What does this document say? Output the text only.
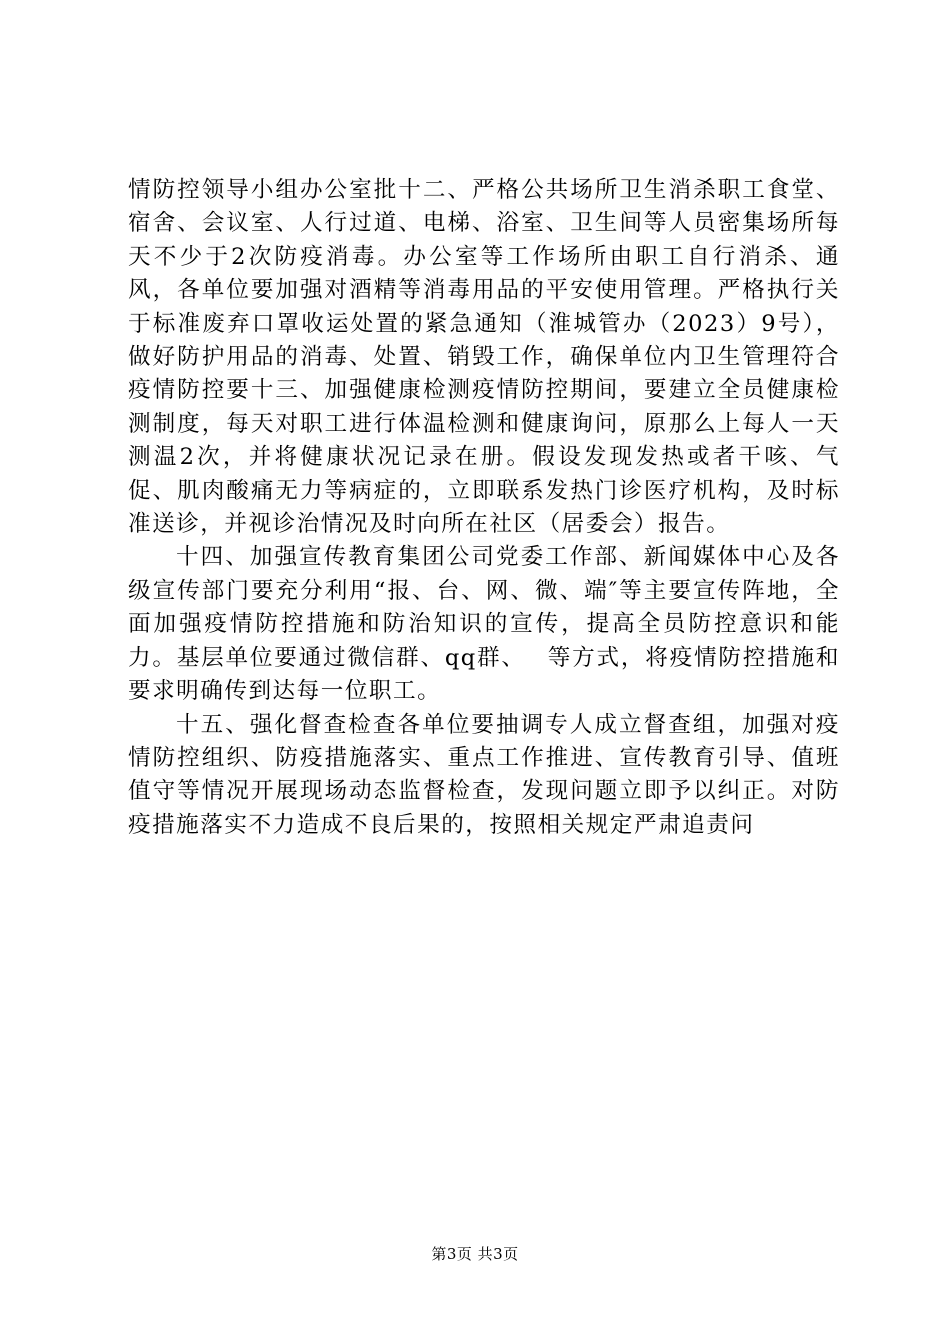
情防控领导小组办公室批十二、严格公共场所卫生消杀职工食堂、宿舍、会议室、人行过道、电梯、浴室、卫生间等人员密集场所每天不少于2次防疫消毒。办公室等工作场所由职工自行消杀、通风，各单位要加强对酒精等消毒用品的平安使用管理。严格执行关于标准废弃口罩收运处置的紧急通知（淮城管办（2023）9号），做好防护用品的消毒、处置、销毁工作，确保单位内卫生管理符合疫情防控要十三、加强健康检测疫情防控期间，要建立全员健康检测制度，每天对职工进行体温检测和健康询问，原那么上每人一天测温2次，并将健康状况记录在册。假设发现发热或者干咳、气促、肌肉酸痛无力等病症的，立即联系发热门诊医疗机构，及时标准送诊，并视诊治情况及时向所在社区（居委会）报告。

十四、加强宣传教育集团公司党委工作部、新闻媒体中心及各级宣传部门要充分利用“报、台、网、微、端″等主要宣传阵地，全面加强疫情防控措施和防治知识的宣传，提高全员防控意识和能力。基层单位要通过微信群、qq群、　 等方式，将疫情防控措施和要求明确传到达每一位职工。

十五、强化督查检查各单位要抽调专人成立督查组，加强对疫情防控组织、防疫措施落实、重点工作推进、宣传教育引导、值班值守等情况开展现场动态监督检查，发现问题立即予以纠正。对防疫措施落实不力造成不良后果的，按照相关规定严肃追责问

第3页 共3页
